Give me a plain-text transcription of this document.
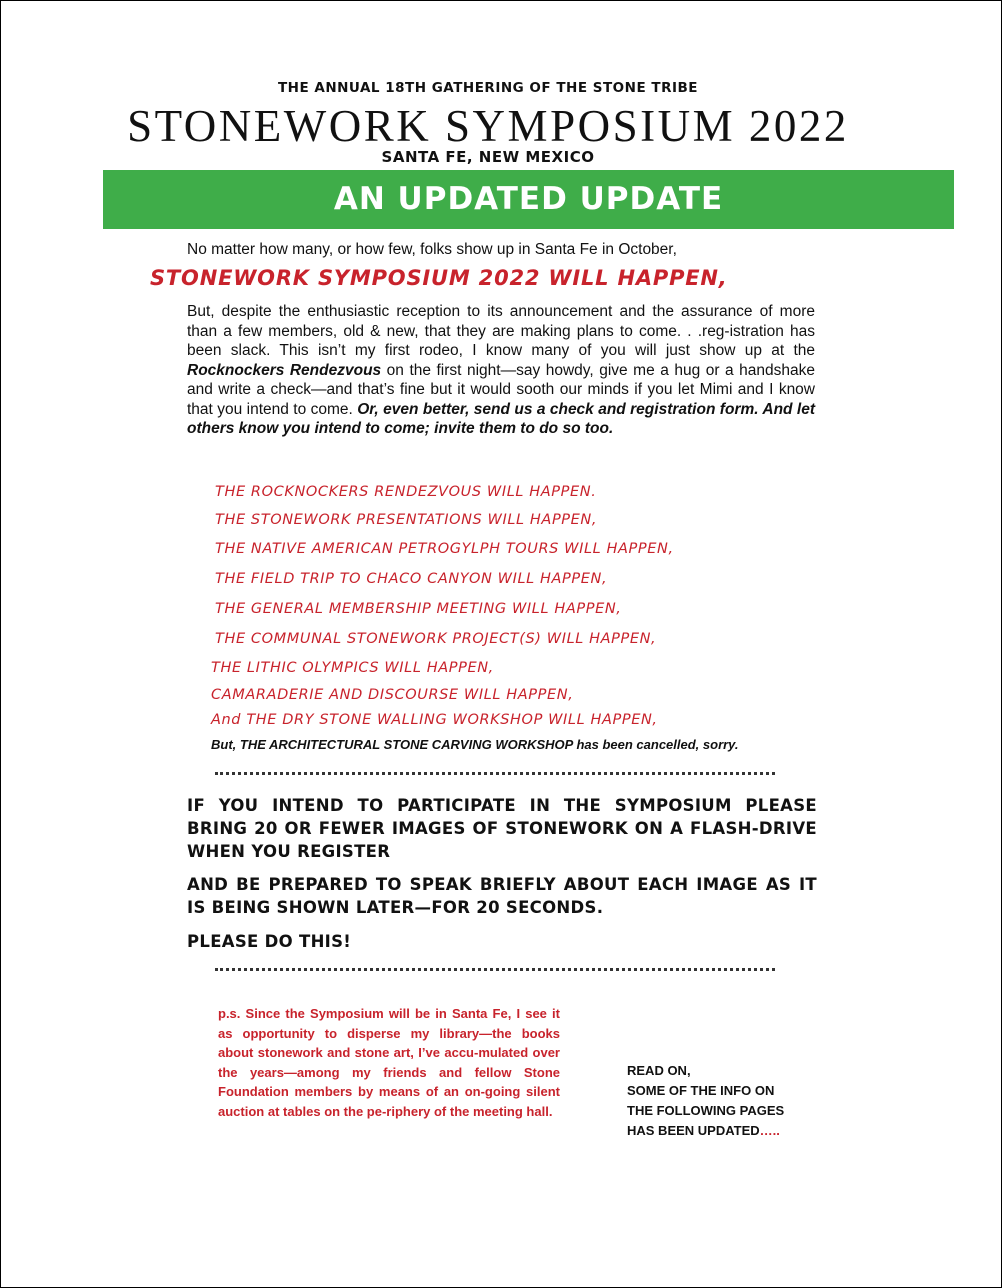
THE ANNUAL 18TH GATHERING OF THE STONE TRIBE
STONEWORK SYMPOSIUM 2022
SANTA FE, NEW MEXICO
AN UPDATED UPDATE
No matter how many, or how few, folks show up in Santa Fe in October,
STONEWORK SYMPOSIUM 2022 WILL HAPPEN,
But, despite the enthusiastic reception to its announcement and the assurance of more than a few members, old & new, that they are making plans to come. . .reg-istration has been slack. This isn’t my first rodeo, I know many of you will just show up at the Rocknockers Rendezvous on the first night—say howdy, give me a hug or a handshake and write a check—and that’s fine but it would sooth our minds if you let Mimi and I know that you intend to come. Or, even better, send us a check and registration form. And let others know you intend to come; invite them to do so too.
THE ROCKNOCKERS RENDEZVOUS WILL HAPPEN.
THE STONEWORK PRESENTATIONS WILL HAPPEN,
THE NATIVE AMERICAN PETROGYLPH TOURS WILL HAPPEN,
THE FIELD TRIP TO CHACO CANYON WILL HAPPEN,
THE GENERAL MEMBERSHIP MEETING WILL HAPPEN,
THE COMMUNAL STONEWORK PROJECT(S) WILL HAPPEN,
THE LITHIC OLYMPICS WILL HAPPEN,
CAMARADERIE AND DISCOURSE WILL HAPPEN,
And THE DRY STONE WALLING WORKSHOP WILL HAPPEN,
But, THE ARCHITECTURAL STONE CARVING WORKSHOP has been cancelled, sorry.
IF YOU INTEND TO PARTICIPATE IN THE SYMPOSIUM PLEASE BRING 20 OR FEWER IMAGES OF STONEWORK ON A FLASH-DRIVE WHEN YOU REGISTER
AND BE PREPARED TO SPEAK BRIEFLY ABOUT EACH IMAGE AS IT IS BEING SHOWN LATER—FOR 20 SECONDS.
PLEASE DO THIS!
p.s. Since the Symposium will be in Santa Fe, I see it as opportunity to disperse my library—the books about stonework and stone art, I’ve accu-mulated over the years—among my friends and fellow Stone Foundation members by means of an on-going silent auction at tables on the pe-riphery of the meeting hall.
READ ON,
SOME OF THE INFO ON
THE FOLLOWING PAGES
HAS BEEN UPDATED…..
